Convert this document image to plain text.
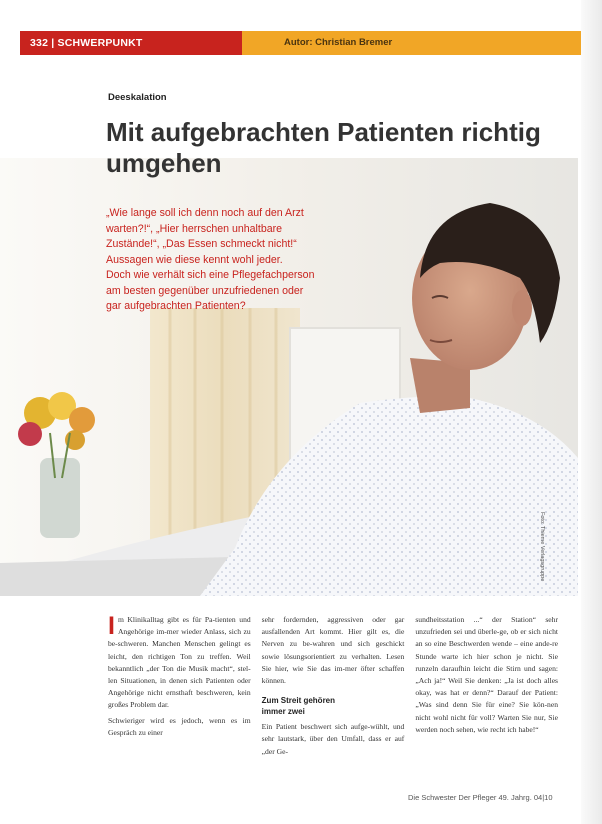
332 | SCHWERPUNKT	Autor: Christian Bremer
Deeskalation
Mit aufgebrachten Patienten richtig umgehen

„Wie lange soll ich denn noch auf den Arzt

warten?!“, „Hier herrschen unhaltbare

Zustände!“, „Das Essen schmeckt nicht!“

Aussagen wie diese kennt wohl jeder.

Doch wie verhält sich eine Pflegefachperson

am besten gegenüber unzufriedenen oder

gar aufgebrachten Patienten?

Foto: Thieme Verlagsgruppe

Im Klinikalltag gibt es für Pa-tienten und Angehörige im-mer wieder Anlass, sich zu be-schweren. Manchen Menschen gelingt es leicht, den richtigen Ton zu treffen. Weil bekanntlich „der Ton die Musik macht“, stel-len Situationen, in denen sich Patienten oder Angehörige nicht ernsthaft beschweren, kein großes Problem dar.

Schwieriger wird es jedoch, wenn es im Gespräch zu einer

sehr fordernden, aggressiven oder gar ausfallenden Art kommt. Hier gilt es, die Nerven zu be-wahren und sich geschickt sowie lösungsorientiert zu verhalten. Lesen Sie hier, wie Sie das im-mer öfter schaffen können.

Zum Streit gehören
immer zwei

Ein Patient beschwert sich aufge-wühlt, und sehr lautstark, über den Umfall, dass er auf „der Ge-

sundheitsstation ...“ der Station“ sehr unzufrieden sei und überle-ge, ob er sich nicht an so eine Beschwerden wende – eine ande-re Stunde warte ich hier schon je nicht. Sie runzeln daraufhin leicht die Stirn und sagen: „Ach ja!“ Weil Sie denken: „Ja ist doch alles okay, was hat er denn?“ Darauf der Patient: „Was sind denn Sie für eine? Sie kön-nen nicht wohl nicht für voll? Warten Sie nur, Sie werden noch sehen, wie recht ich habe!“

Die Schwester Der Pfleger 49. Jahrg. 04|10
